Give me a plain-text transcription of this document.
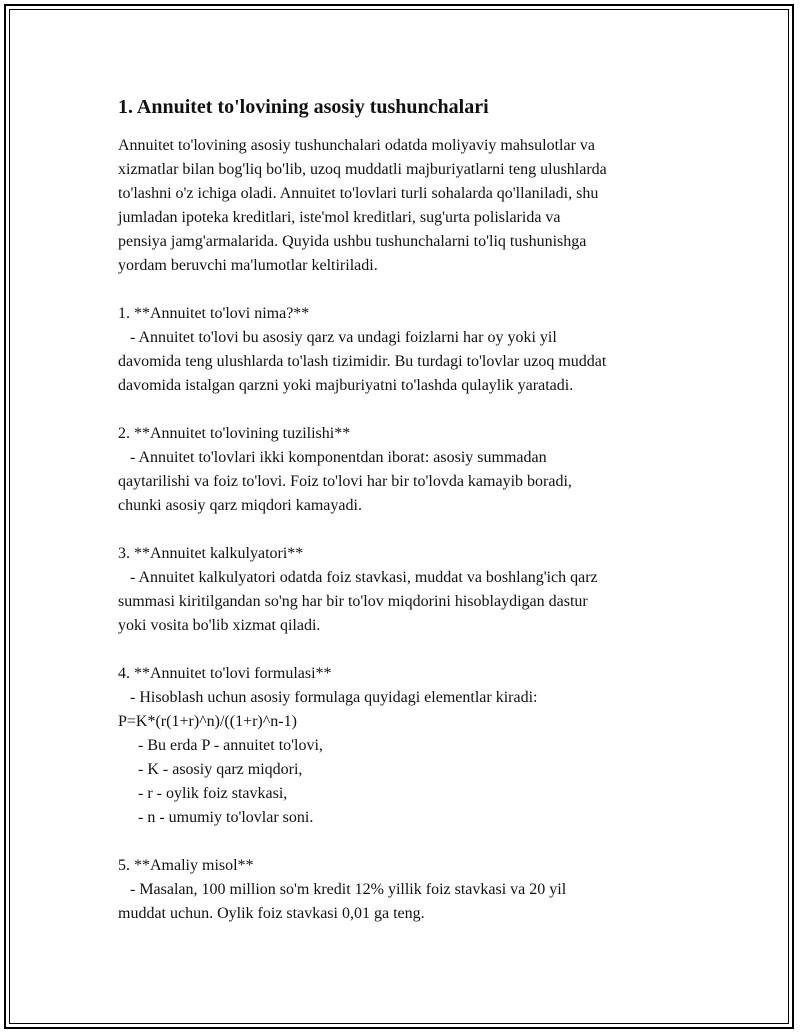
1. Annuitet to'lovining asosiy tushunchalari

Annuitet to'lovining asosiy tushunchalari odatda moliyaviy mahsulotlar va
xizmatlar bilan bog'liq bo'lib, uzoq muddatli majburiyatlarni teng ulushlarda
to'lashni o'z ichiga oladi. Annuitet to'lovlari turli sohalarda qo'llaniladi, shu
jumladan ipoteka kreditlari, iste'mol kreditlari, sug'urta polislarida va
pensiya jamg'armalarida. Quyida ushbu tushunchalarni to'liq tushunishga
yordam beruvchi ma'lumotlar keltiriladi.

1. **Annuitet to'lovi nima?**

- Annuitet to'lovi bu asosiy qarz va undagi foizlarni har oy yoki yil
davomida teng ulushlarda to'lash tizimidir. Bu turdagi to'lovlar uzoq muddat
davomida istalgan qarzni yoki majburiyatni to'lashda qulaylik yaratadi.

2. **Annuitet to'lovining tuzilishi**

- Annuitet to'lovlari ikki komponentdan iborat: asosiy summadan
qaytarilishi va foiz to'lovi. Foiz to'lovi har bir to'lovda kamayib boradi,
chunki asosiy qarz miqdori kamayadi.

3. **Annuitet kalkulyatori**

- Annuitet kalkulyatori odatda foiz stavkasi, muddat va boshlang'ich qarz
summasi kiritilgandan so'ng har bir to'lov miqdorini hisoblaydigan dastur
yoki vosita bo'lib xizmat qiladi.

4. **Annuitet to'lovi formulasi**

- Hisoblash uchun asosiy formulaga quyidagi elementlar kiradi:
P=K*(r(1+r)^n)/((1+r)^n-1)
- Bu erda P - annuitet to'lovi,
- K - asosiy qarz miqdori,
- r - oylik foiz stavkasi,
- n - umumiy to'lovlar soni.

5. **Amaliy misol**

- Masalan, 100 million so'm kredit 12% yillik foiz stavkasi va 20 yil
muddat uchun. Oylik foiz stavkasi 0,01 ga teng.
